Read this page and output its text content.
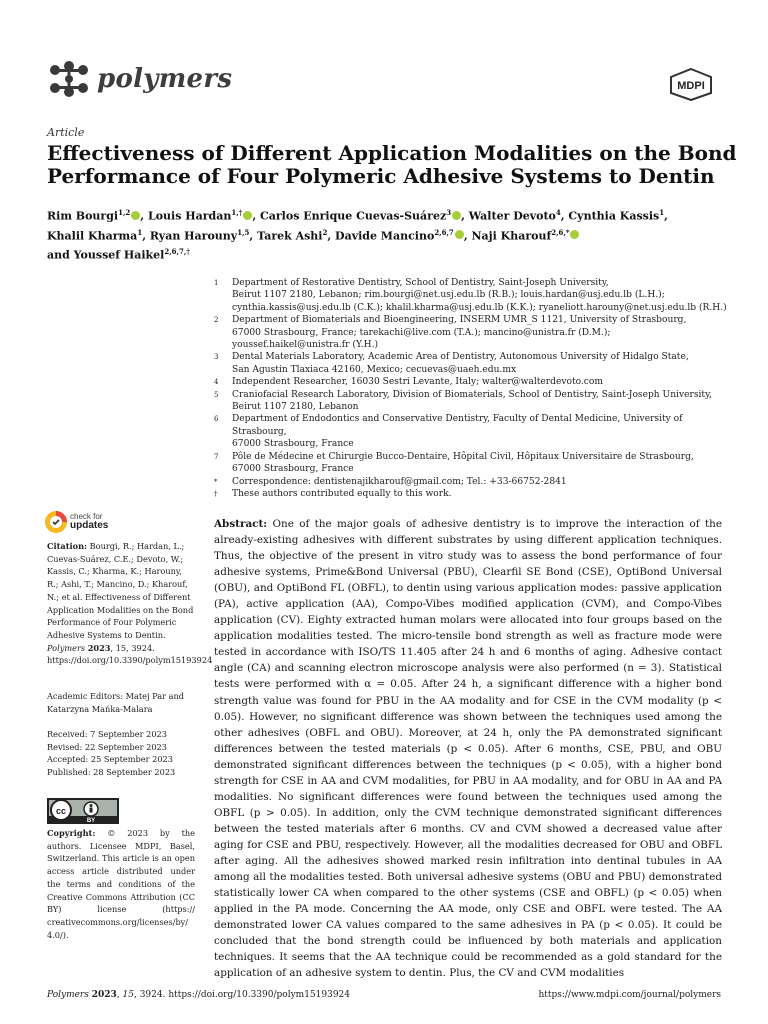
polymers	MDPI
Article
Effectiveness of Different Application Modalities on the Bond Performance of Four Polymeric Adhesive Systems to Dentin
Rim Bourgi$^{1,2}$ , Louis Hardan$^{1,\dagger}$ , Carlos Enrique Cuevas-Suárez$^3$ , Walter Devoto$^4$, Cynthia Kassis$^1$,
Khalil Kharma$^1$, Ryan Harouny$^{1,5}$, Tarek Ashi$^2$, Davide Mancino$^{2,6,7}$ , Naji Kharouf$^{2,6,*}$
and Youssef Haikel$^{2,6,7,\dagger}$
1	Department of Restorative Dentistry, School of Dentistry, Saint-Joseph University,
Beirut 1107 2180, Lebanon; rim.bourgi@net.usj.edu.lb (R.B.); louis.hardan@usj.edu.lb (L.H.);
cynthia.kassis@usj.edu.lb (C.K.); khalil.kharma@usj.edu.lb (K.K.); ryaneliott.harouny@net.usj.edu.lb (R.H.)
2	Department of Biomaterials and Bioengineering, INSERM UMR_S 1121, University of Strasbourg,
67000 Strasbourg, France; tarekachi@live.com (T.A.); mancino@unistra.fr (D.M.);
youssef.haikel@unistra.fr (Y.H.)
3	Dental Materials Laboratory, Academic Area of Dentistry, Autonomous University of Hidalgo State,
San Agustin Tlaxiaca 42160, Mexico; cecuevas@uaeh.edu.mx
4	Independent Researcher, 16030 Sestri Levante, Italy; walter@walterdevoto.com
5	Craniofacial Research Laboratory, Division of Biomaterials, School of Dentistry, Saint-Joseph University,
Beirut 1107 2180, Lebanon
6	Department of Endodontics and Conservative Dentistry, Faculty of Dental Medicine, University of Strasbourg,
67000 Strasbourg, France
7	Pôle de Médecine et Chirurgie Bucco-Dentaire, Hôpital Civil, Hôpitaux Universitaire de Strasbourg,
67000 Strasbourg, France
*	Correspondence: dentistenajikharouf@gmail.com; Tel.: +33-66752-2841
†	These authors contributed equally to this work.
check for
updates
Citation: Bourgi, R.; Hardan, L.; Cuevas-Suárez, C.E.; Devoto, W.; Kassis, C.; Kharma, K.; Harouny, R.; Ashi, T.; Mancino, D.; Kharouf, N.; et al. Effectiveness of Different Application Modalities on the Bond Performance of Four Polymeric Adhesive Systems to Dentin. Polymers 2023, 15, 3924. https://doi.org/10.3390/polym15193924
Academic Editors: Matej Par and Katarzyna Mańka-Malara
Received: 7 September 2023
Revised: 22 September 2023
Accepted: 25 September 2023
Published: 28 September 2023
cc
BY
Copyright: © 2023 by the authors. Licensee MDPI, Basel, Switzerland. This article is an open access article distributed under the terms and conditions of the Creative Commons Attribution (CC BY) license (https:// creativecommons.org/licenses/by/ 4.0/).
Abstract: One of the major goals of adhesive dentistry is to improve the interaction of the already-existing adhesives with different substrates by using different application techniques. Thus, the objective of the present in vitro study was to assess the bond performance of four adhesive systems, Prime&Bond Universal (PBU), Clearfil SE Bond (CSE), OptiBond Universal (OBU), and OptiBond FL (OBFL), to dentin using various application modes: passive application (PA), active application (AA), Compo-Vibes modified application (CVM), and Compo-Vibes application (CV). Eighty extracted human molars were allocated into four groups based on the application modalities tested. The micro-tensile bond strength as well as fracture mode were tested in accordance with ISO/TS 11.405 after 24 h and 6 months of aging. Adhesive contact angle (CA) and scanning electron microscope analysis were also performed (n = 3). Statistical tests were performed with α = 0.05. After 24 h, a significant difference with a higher bond strength value was found for PBU in the AA modality and for CSE in the CVM modality (p < 0.05). However, no significant difference was shown between the techniques used among the other adhesives (OBFL and OBU). Moreover, at 24 h, only the PA demonstrated significant differences between the tested materials (p < 0.05). After 6 months, CSE, PBU, and OBU demonstrated significant differences between the techniques (p < 0.05), with a higher bond strength for CSE in AA and CVM modalities, for PBU in AA modality, and for OBU in AA and PA modalities. No significant differences were found between the techniques used among the OBFL (p > 0.05). In addition, only the CVM technique demonstrated significant differences between the tested materials after 6 months. CV and CVM showed a decreased value after aging for CSE and PBU, respectively. However, all the modalities decreased for OBU and OBFL after aging. All the adhesives showed marked resin infiltration into dentinal tubules in AA among all the modalities tested. Both universal adhesive systems (OBU and PBU) demonstrated statistically lower CA when compared to the other systems (CSE and OBFL) (p < 0.05) when applied in the PA mode. Concerning the AA mode, only CSE and OBFL were tested. The AA demonstrated lower CA values compared to the same adhesives in PA (p < 0.05). It could be concluded that the bond strength could be influenced by both materials and application techniques. It seems that the AA technique could be recommended as a gold standard for the application of an adhesive system to dentin. Plus, the CV and CVM modalities
Polymers 2023, 15, 3924. https://doi.org/10.3390/polym15193924	https://www.mdpi.com/journal/polymers
